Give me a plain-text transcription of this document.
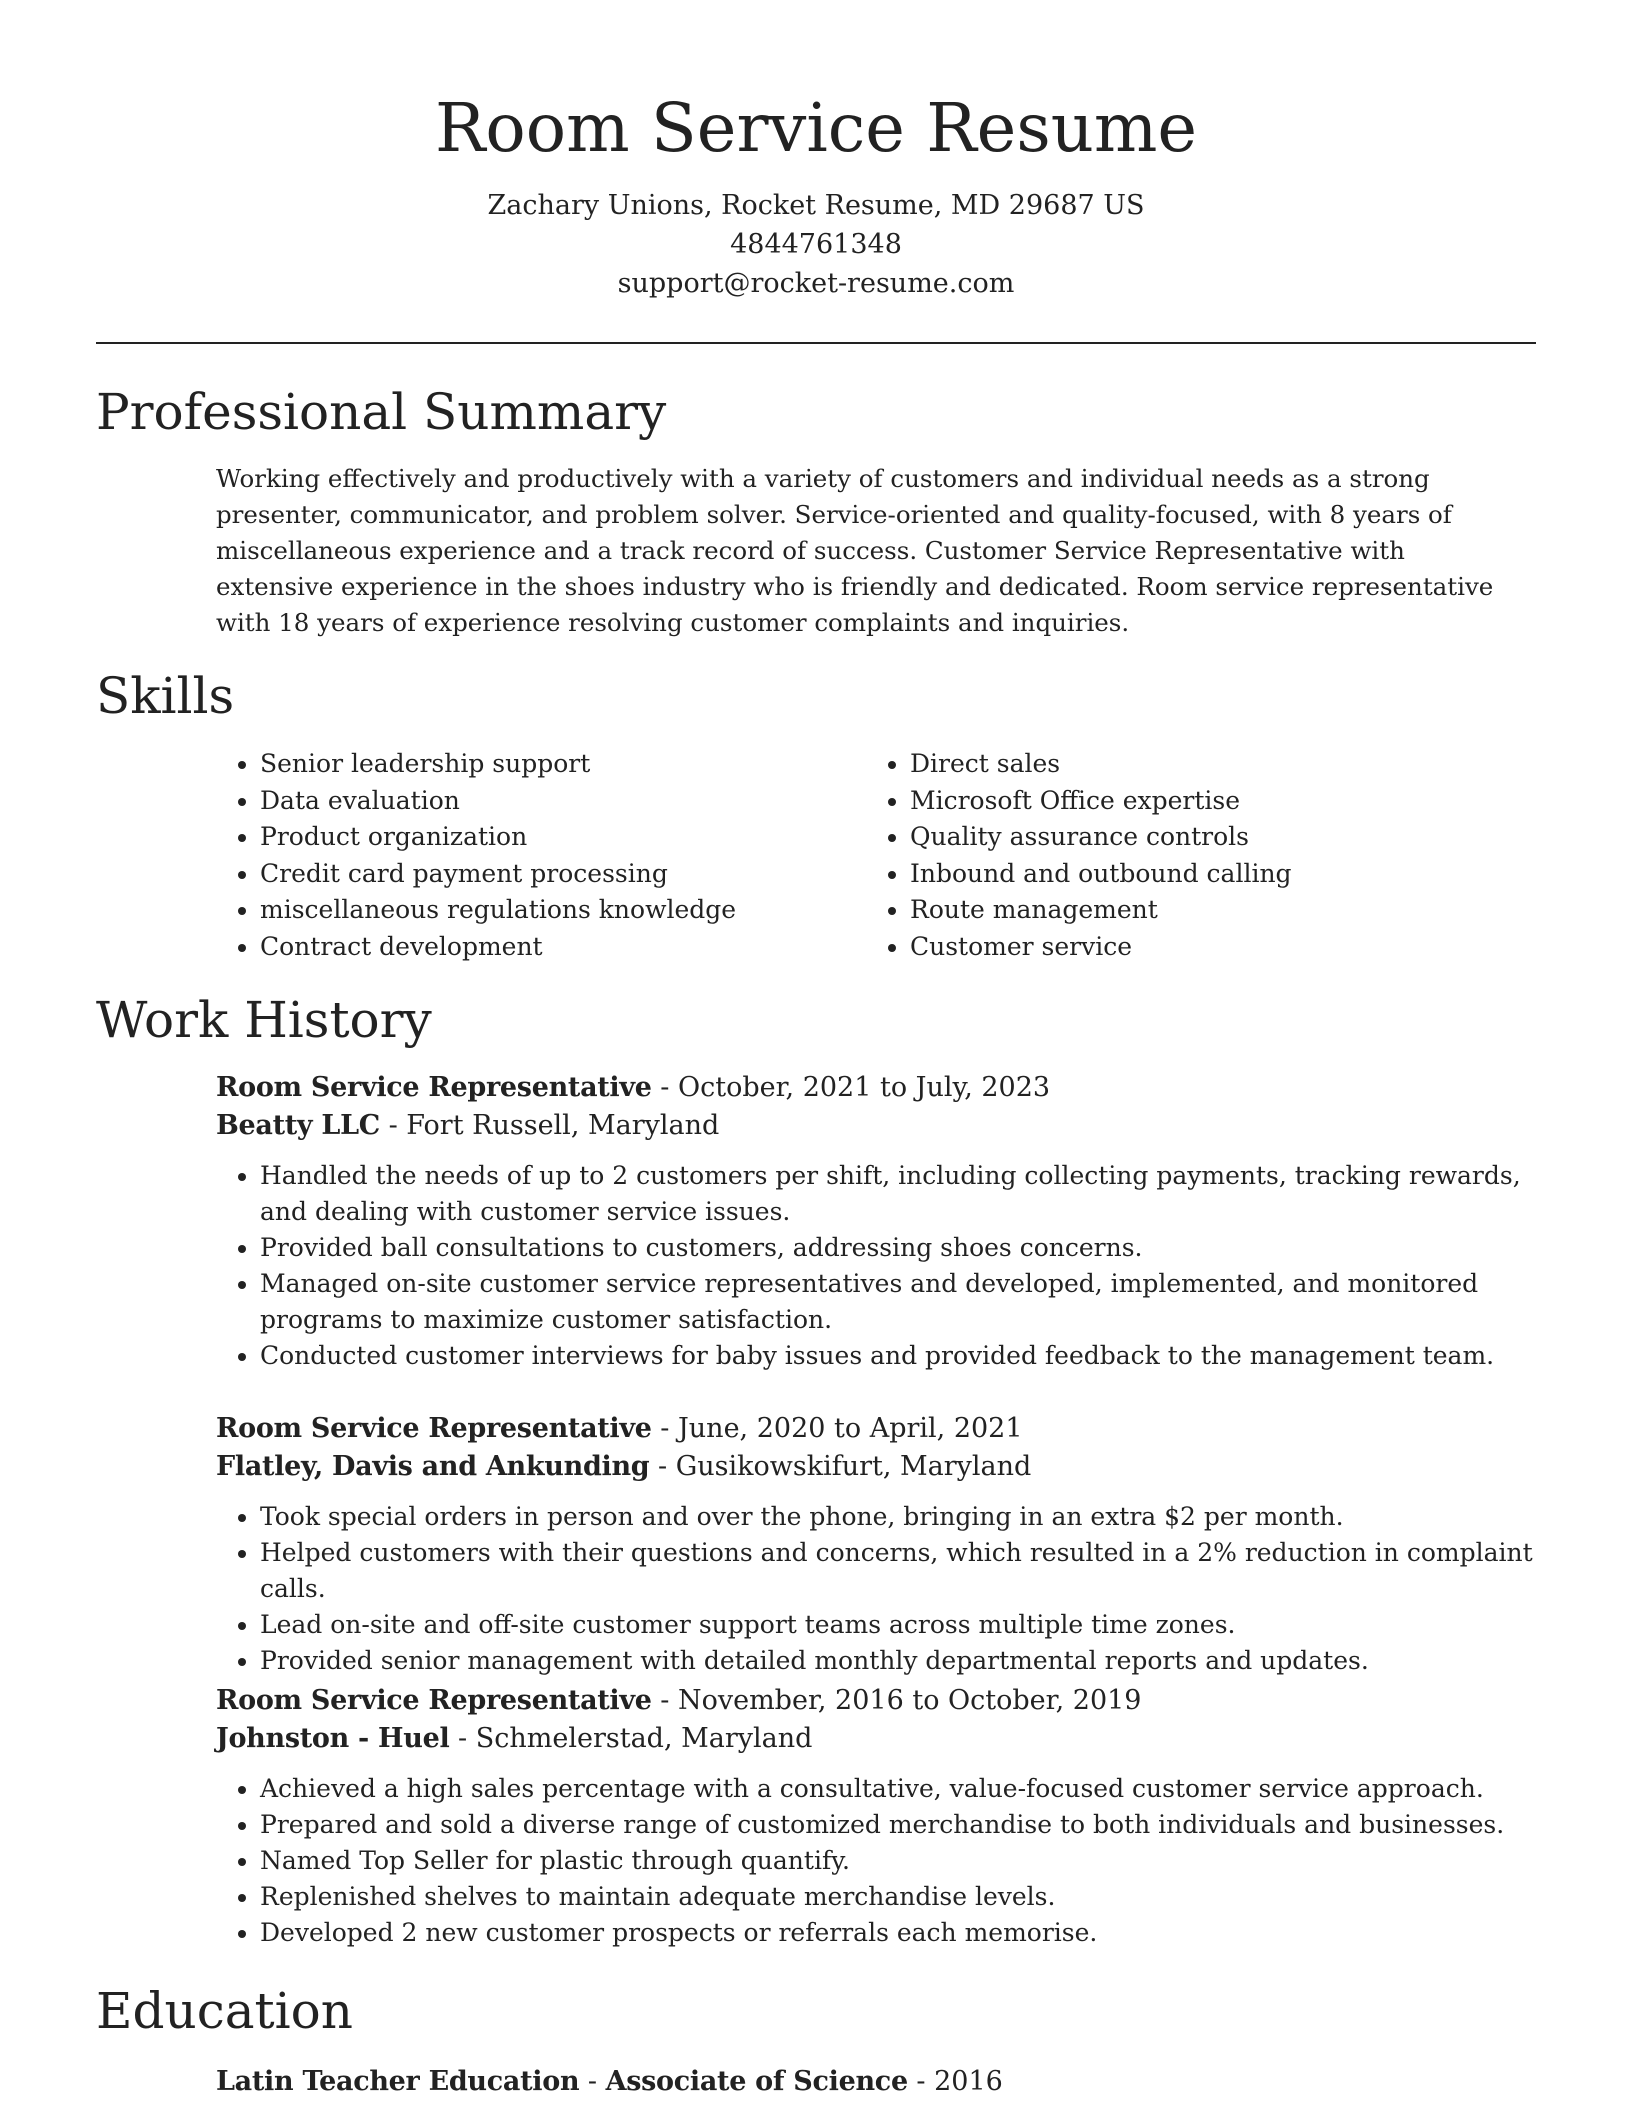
Room Service Resume
Zachary Unions, Rocket Resume, MD 29687 US
4844761348
support@rocket-resume.com
Professional Summary

Working effectively and productively with a variety of customers and individual needs as a strong presenter, communicator, and problem solver. Service-oriented and quality-focused, with 8 years of miscellaneous experience and a track record of success. Customer Service Representative with extensive experience in the shoes industry who is friendly and dedicated. Room service representative with 18 years of experience resolving customer complaints and inquiries.

Skills
• Senior leadership support
• Data evaluation
• Product organization
• Credit card payment processing
• miscellaneous regulations knowledge
• Contract development
• Direct sales
• Microsoft Office expertise
• Quality assurance controls
• Inbound and outbound calling
• Route management
• Customer service
Work History

Room Service Representative - October, 2021 to July, 2023

Beatty LLC - Fort Russell, Maryland

• Handled the needs of up to 2 customers per shift, including collecting payments, tracking rewards, and dealing with customer service issues.
• Provided ball consultations to customers, addressing shoes concerns.
• Managed on-site customer service representatives and developed, implemented, and monitored programs to maximize customer satisfaction.
• Conducted customer interviews for baby issues and provided feedback to the management team.

Room Service Representative - June, 2020 to April, 2021

Flatley, Davis and Ankunding - Gusikowskifurt, Maryland

• Took special orders in person and over the phone, bringing in an extra $2 per month.
• Helped customers with their questions and concerns, which resulted in a 2% reduction in complaint calls.
• Lead on-site and off-site customer support teams across multiple time zones.
• Provided senior management with detailed monthly departmental reports and updates.

Room Service Representative - November, 2016 to October, 2019

Johnston - Huel - Schmelerstad, Maryland

• Achieved a high sales percentage with a consultative, value-focused customer service approach.
• Prepared and sold a diverse range of customized merchandise to both individuals and businesses.
• Named Top Seller for plastic through quantify.
• Replenished shelves to maintain adequate merchandise levels.
• Developed 2 new customer prospects or referrals each memorise.
Education

Latin Teacher Education - Associate of Science - 2016
